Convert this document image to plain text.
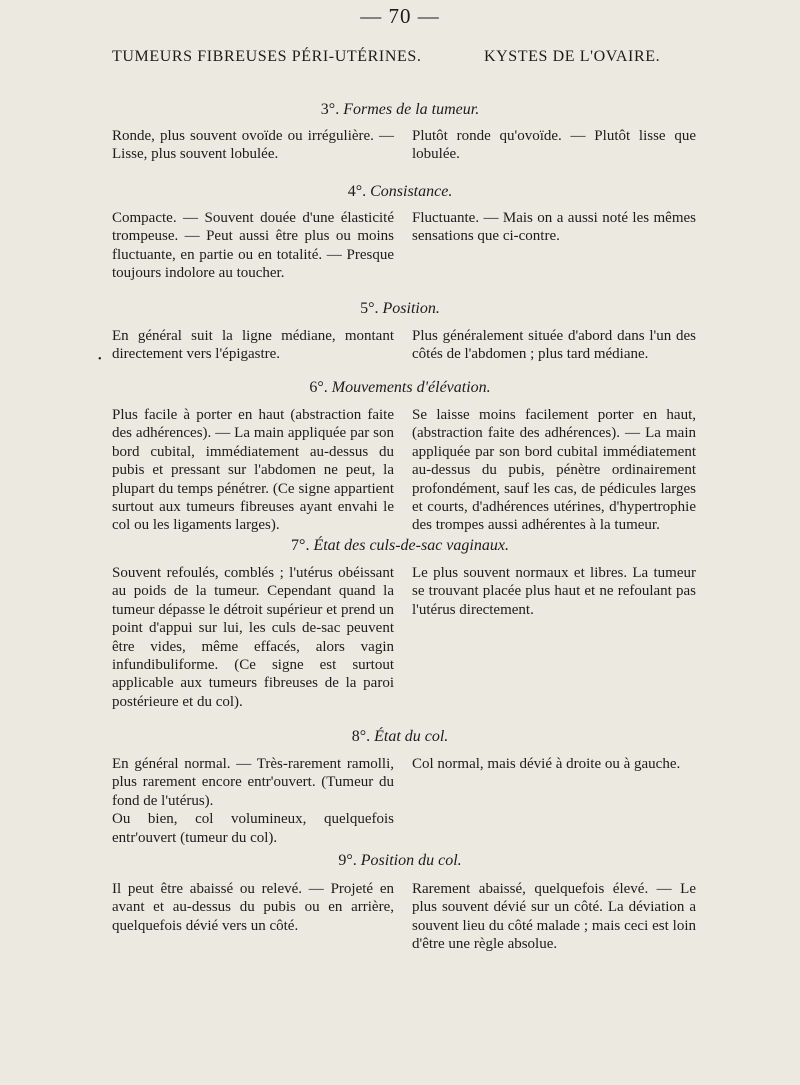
— 70 —
TUMEURS FIBREUSES PÉRI-UTÉRINES.	KYSTES DE L'OVAIRE.
3°. Formes de la tumeur.

Ronde, plus souvent ovoïde ou irrégulière. — Lisse, plus souvent lobulée.

Plutôt ronde qu'ovoïde. — Plutôt lisse que lobulée.

4°. Consistance.

Compacte. — Souvent douée d'une élasticité trompeuse. — Peut aussi être plus ou moins fluctuante, en partie ou en totalité. — Presque toujours indolore au toucher.

Fluctuante. — Mais on a aussi noté les mêmes sensations que ci-contre.

•
5°. Position.

En général suit la ligne médiane, montant directement vers l'épigastre.

Plus généralement située d'abord dans l'un des côtés de l'abdomen ; plus tard médiane.

6°. Mouvements d'élévation.

Plus facile à porter en haut (abstraction faite des adhérences). — La main appliquée par son bord cubital, immédiatement au-dessus du pubis et pressant sur l'abdomen ne peut, la plupart du temps pénétrer. (Ce signe appartient surtout aux tumeurs fibreuses ayant envahi le col ou les ligaments larges).

Se laisse moins facilement porter en haut, (abstraction faite des adhérences). — La main appliquée par son bord cubital immédiatement au-dessus du pubis, pénètre ordinairement profondément, sauf les cas, de pédicules larges et courts, d'adhérences utérines, d'hypertrophie des trompes aussi adhérentes à la tumeur.

7°. État des culs-de-sac vaginaux.

Souvent refoulés, comblés ; l'utérus obéissant au poids de la tumeur. Cependant quand la tumeur dépasse le détroit supérieur et prend un point d'appui sur lui, les culs de-sac peuvent être vides, même effacés, alors vagin infundibuliforme. (Ce signe est surtout applicable aux tumeurs fibreuses de la paroi postérieure et du col).

Le plus souvent normaux et libres. La tumeur se trouvant placée plus haut et ne refoulant pas l'utérus directement.

8°. État du col.

En général normal. — Très-rarement ramolli, plus rarement encore entr'ouvert. (Tumeur du fond de l'utérus).

Ou bien, col volumineux, quelquefois entr'ouvert (tumeur du col).

Col normal, mais dévié à droite ou à gauche.

9°. Position du col.

Il peut être abaissé ou relevé. — Projeté en avant et au-dessus du pubis ou en arrière, quelquefois dévié vers un côté.

Rarement abaissé, quelquefois élevé. — Le plus souvent dévié sur un côté. La déviation a souvent lieu du côté malade ; mais ceci est loin d'être une règle absolue.
